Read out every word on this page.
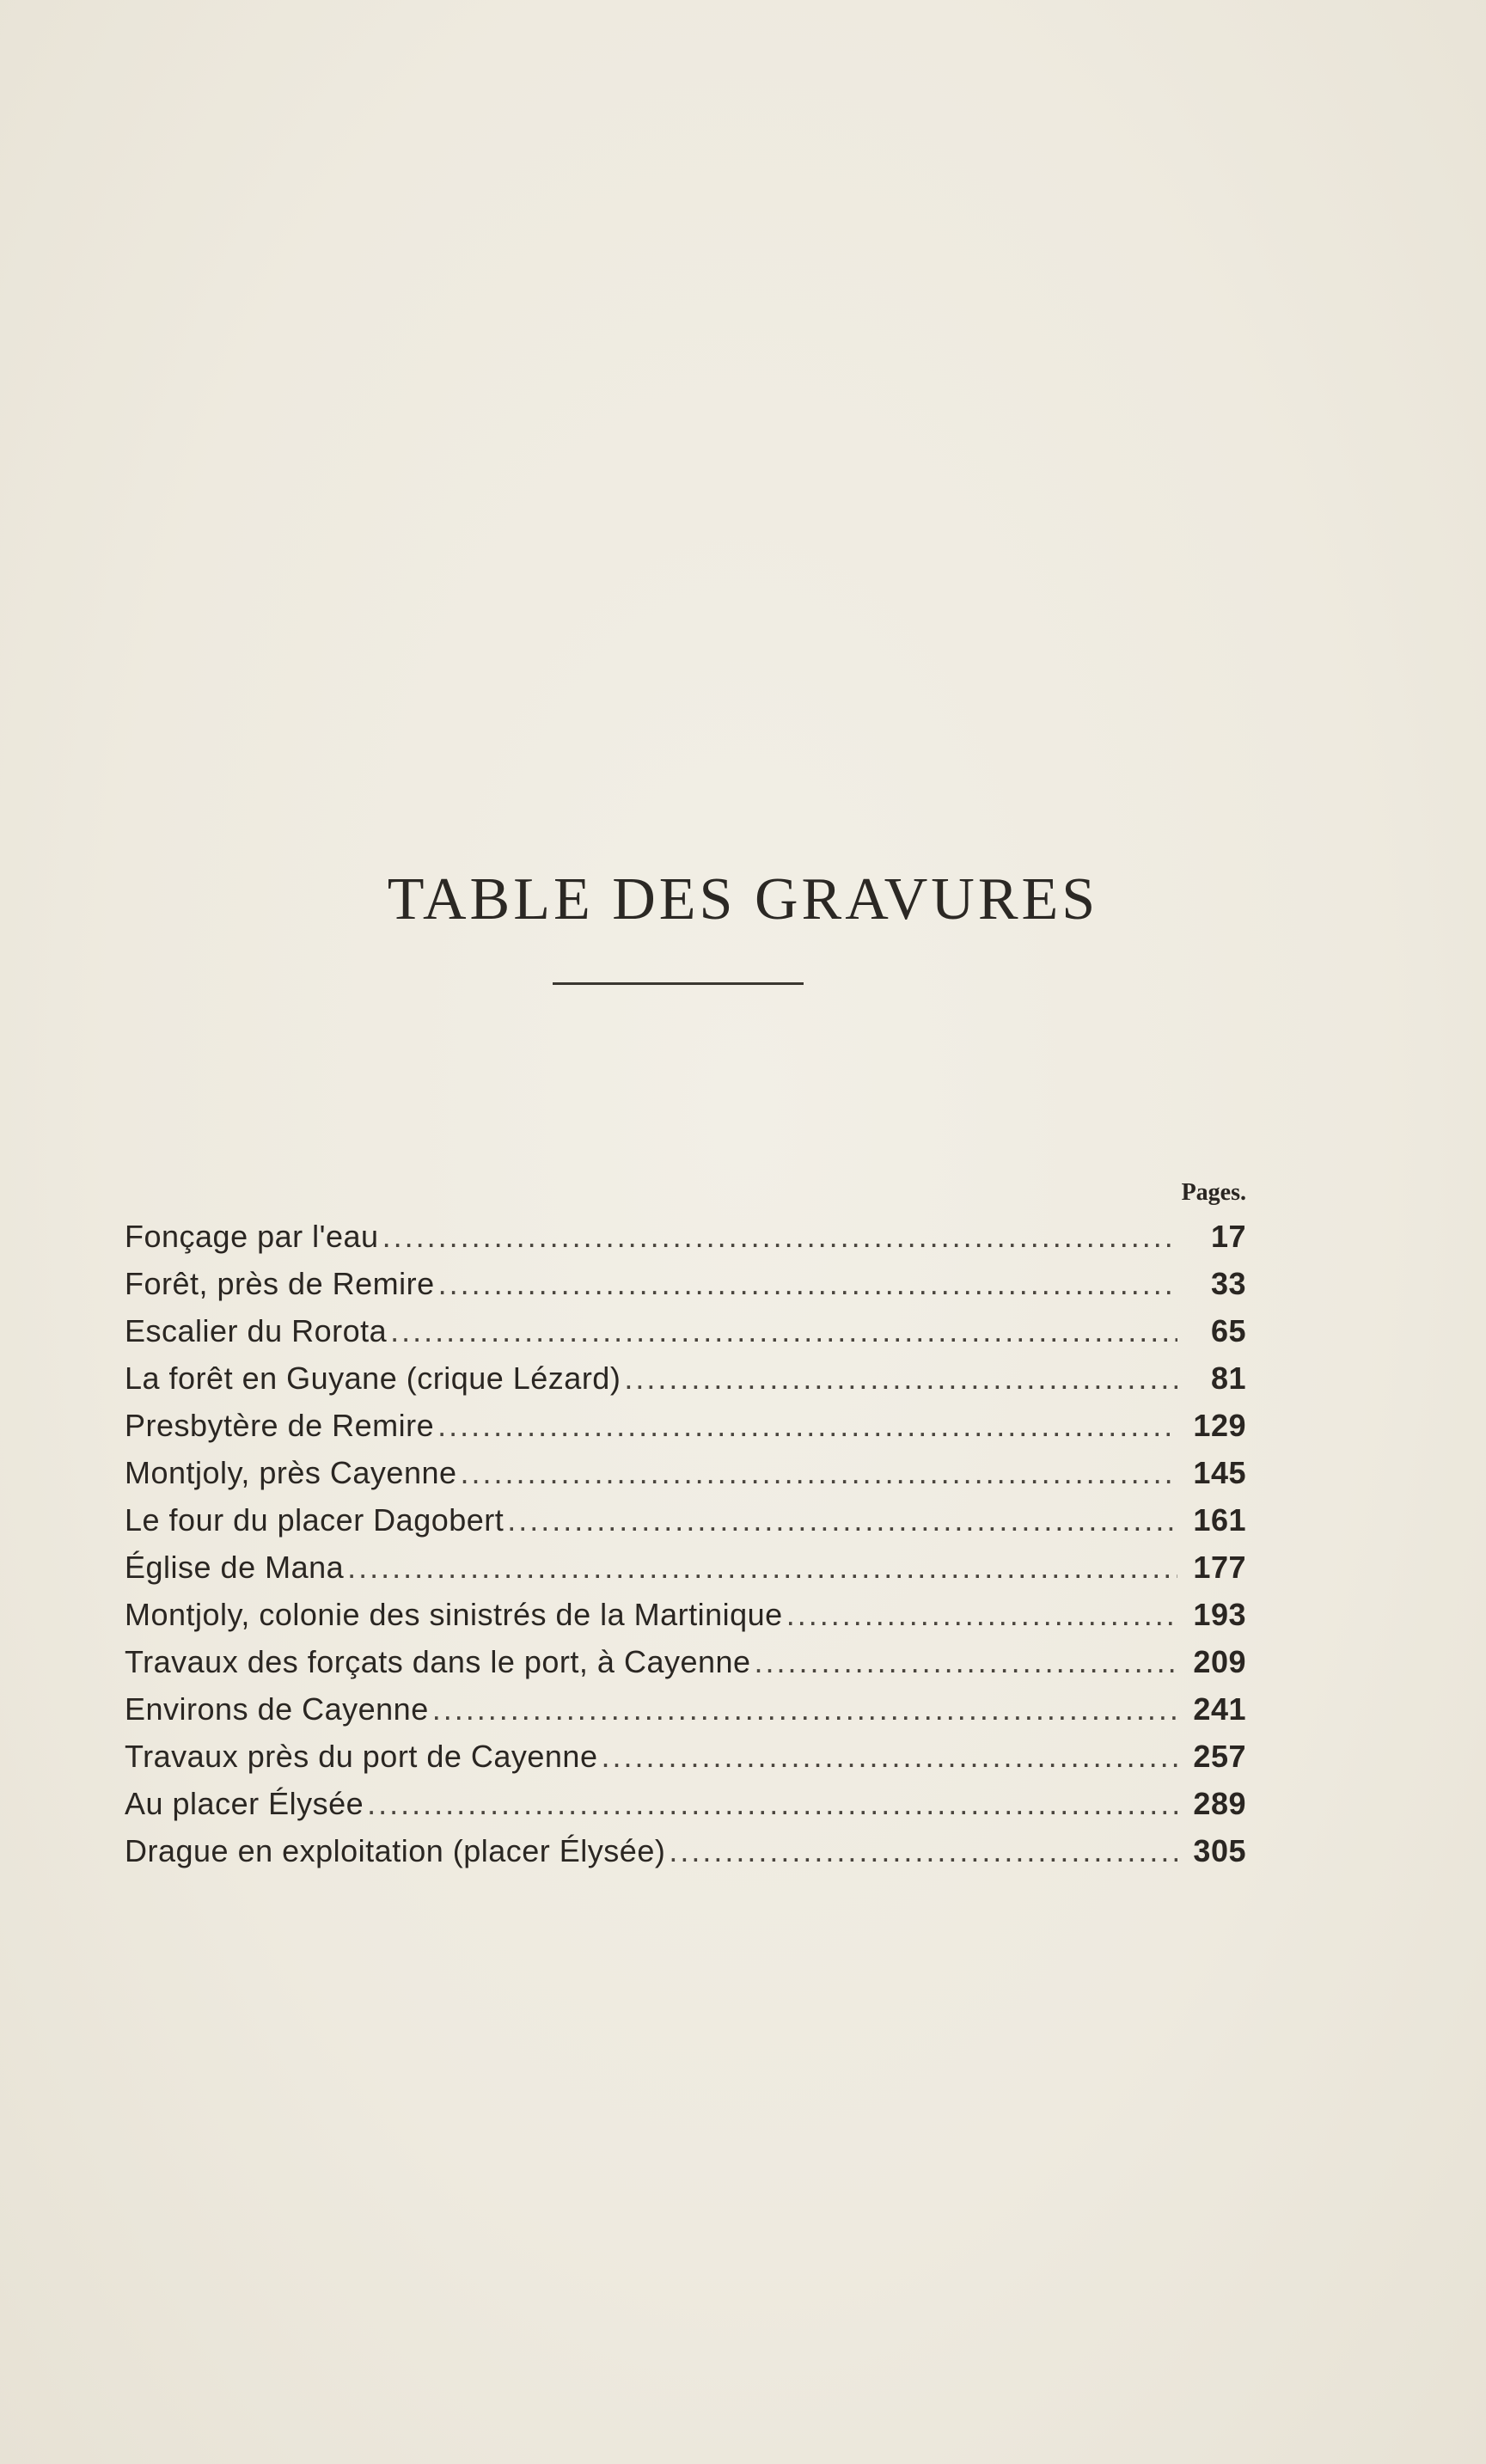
TABLE DES GRAVURES
Pages.
Fonçage par l'eau .....	17
Forêt, près de Remire .....	33
Escalier du Rorota .....	65
La forêt en Guyane (crique Lézard) .....	81
Presbytère de Remire .....	129
Montjoly, près Cayenne .....	145
Le four du placer Dagobert .....	161
Église de Mana .....	177
Montjoly, colonie des sinistrés de la Martinique .....	193
Travaux des forçats dans le port, à Cayenne .....	209
Environs de Cayenne .....	241
Travaux près du port de Cayenne .....	257
Au placer Élysée .....	289
Drague en exploitation (placer Élysée) .....	305
